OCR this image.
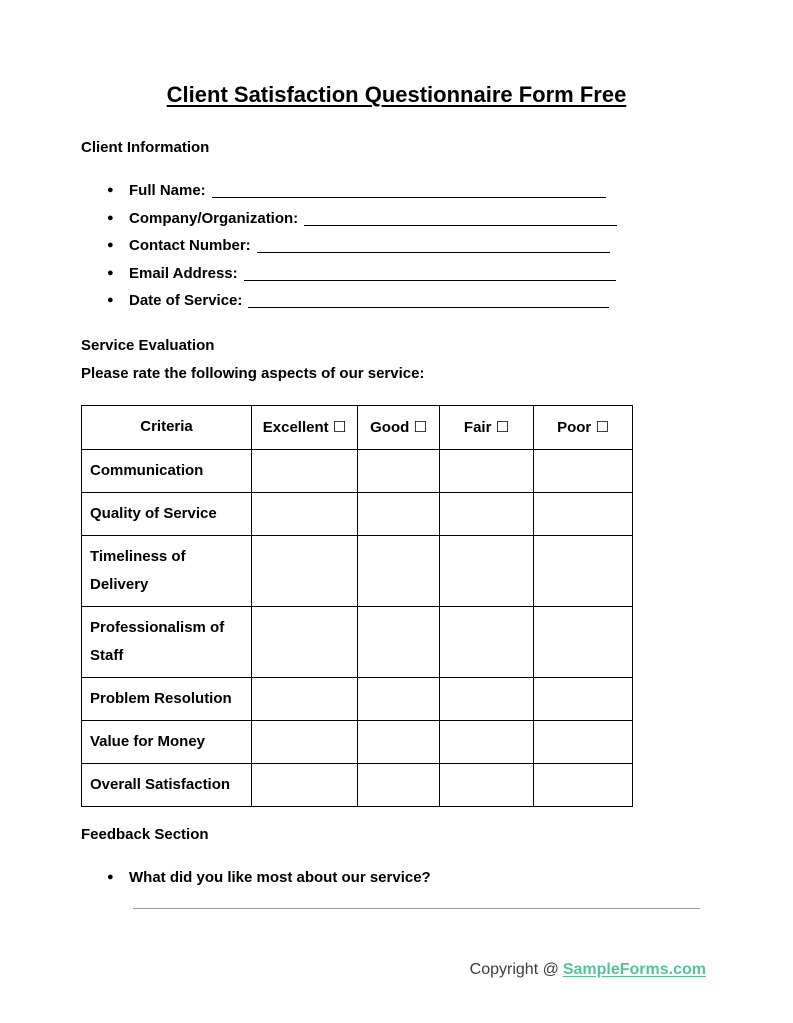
Client Satisfaction Questionnaire Form Free
Client Information
● Full Name:
● Company/Organization:
● Contact Number:
● Email Address:
● Date of Service:
Service Evaluation

Please rate the following aspects of our service:

Criteria	Excellent ☐	Good ☐	Fair ☐	Poor ☐
Communication				
Quality of Service				
Timeliness of Delivery				
Professionalism of Staff				
Problem Resolution				
Value for Money				
Overall Satisfaction				
Feedback Section
● What did you like most about our service?
Copyright @ SampleForms.com
